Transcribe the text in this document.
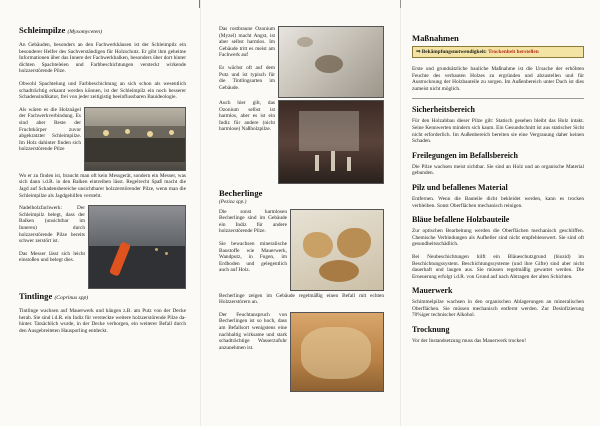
Schleimpilze (Myxomyceten)

An Gebäuden, besonders an den Fachwerkhäusen ist der Schleimpilz ein besonderer Helfer des Sachverständigen für Holzschutz. Er gibt ihm geheime Informationen über das Innere der Fachwerkbalken, besonders über dort hinter dichten Spachteleien und Farbbeschichtungen versteckt wirkende holzzerstörende Pilze.

Obwohl Spachtelung und Farbbeschichtung an sich schon als wesentlich schadträchtig erkannt werden können, ist der Schleimpilz ein noch besserer Schadensindikator, frei von jeder zeitigistig beeinflussbaren Bauideologie.

Als wären es die Holznägel der Fachwerkverbindung. Es sind aber Reste der Fruchtkörper zuvor abgekratzter Schleimpilze. Im Holz dahinter finden sich holzzerstörende Pilze

Wo er zu finden ist, braucht man oft kein Messgerät, sondern ein Messer, was sich dann i.d.R. in den Balken eintreiben lässt. Regelrecht Spaß macht die Jagd auf Schadensbereiche unsichtbarer holzzerstörender Pilze, wenn man die Schleimpilze als Jagdgehilfen versteht.

Nadelholzfachwerk: Der Schleimpilz belegt, dass der Balken (unsichtbar im Inneren) durch holzzerstörende Pilze bereits schwer zerstört ist.

Das Messer lässt sich leicht einstoßen und belegt dies.

Tintlinge (Coprinus spp)

Tintlinge wachsen auf Mauerwerk und hängen z.B. am Putz von der Decke herab. Sie sind i.d.R. ein Indiz für versteckte weitere holzzerstörende Pilze da-hinter. Tatsächlich wurde, in der Decke verborgen, ein weiterer Befall durch den Ausgebreiteten Hausporling entdeckt.

Das rostbraune Ozonium (Myzel) macht Angst, ist aber selbst harmlos. Im Gebäude tritt es meist am Fachwerk auf

Es wächst oft auf dem Putz und ist typisch für die Tintlingsarten im Gebäude.

Auch hier gilt, das Ozonium selbst ist harmlos, aber es ist ein Indiz für andere (nicht harmlose) Naßholzpilze.

Becherlinge
(Peziza spp.)

Die sonst harmlosen Becherlinge sind im Gebäude ein Indiz für andere holzzerstörende Pilze.

Sie bewachsen mineralische Baustoffe wie Mauerwerk, Wandputz, in Fugen, im Erdboden und gelegentlich auch auf Holz.

Becherlinge zeigen im Gebäude regelmäßig einen Befall mit echten Holzzerstörern an.

Der Feuchtanspruch von Becherlingen ist so hoch, dass am Befallsort wenigstens eine nachhaltig wirksame und stark schadträchtige Wasserzufuhr anzunehmen ist.

Maßnahmen
⇒ Bekämpfungsnotwendigkeit: Trockenheit herstellen

Erste und grundsätzliche bauliche Maßnahme ist die Ursache der erhöhten Feuchte des verbauten Holzes zu ergründen und abzustellen und für Austrocknung der Holzbauteile zu sorgen. Im Außenbereich unter Dach ist dies zumeist nicht möglich.

Sicherheitsbereich

Für den Holzabbau dieser Pilze gilt: Statisch gesehen bleibt das Holz intakt. Seine Kennwerten mindern sich kaum. Ein Gesundschnitt ist aus statischer Sicht nicht erforderlich. Im Außenbereich bereiten sie eine Vergrauung daher keinen Schaden.

Freilegungen im Befallsbereich

Die Pilze wachsen meist sichtbar. Sie sind an Holz und an organische Material gebunden.

Pilz und befallenes Material

Entfernen. Wenn die Bauteile dicht bekleidet werden, kann es trocken verbleiben. Sonst Oberflächen mechanisch reinigen.

Bläue befallene Holzbauteile

Zur optischen Bearbeitung werden die Oberflächen mechanisch geschliffen. Chemische Verbindungen als Aufheller sind nicht empfehlenswert. Sie sind oft gesundheitsschädlich.

Bei Neubeschichtungen hilft ein Bläueschutzgrund (biozid) im Beschichtungssystem. Beschichtungssysteme (und ihre Gifte) sind aber nicht dauerhaft und laugen aus. Sie müssen regelmäßig gewartet werden. Die Erneuerung erfolgt i.d.R. von Grund auf nach Abtragen der alten Schichten.

Mauerwerk

Schimmelpilze wachsen in den organischen Ablagerungen an mineralischen Oberflächen. Sie müssen mechanisch entfernt werden. Zur Desinfizierung 70%iger technischer Alkohol.

Trocknung

Vor der Instandsetzung muss das Mauerwerk trocken!
